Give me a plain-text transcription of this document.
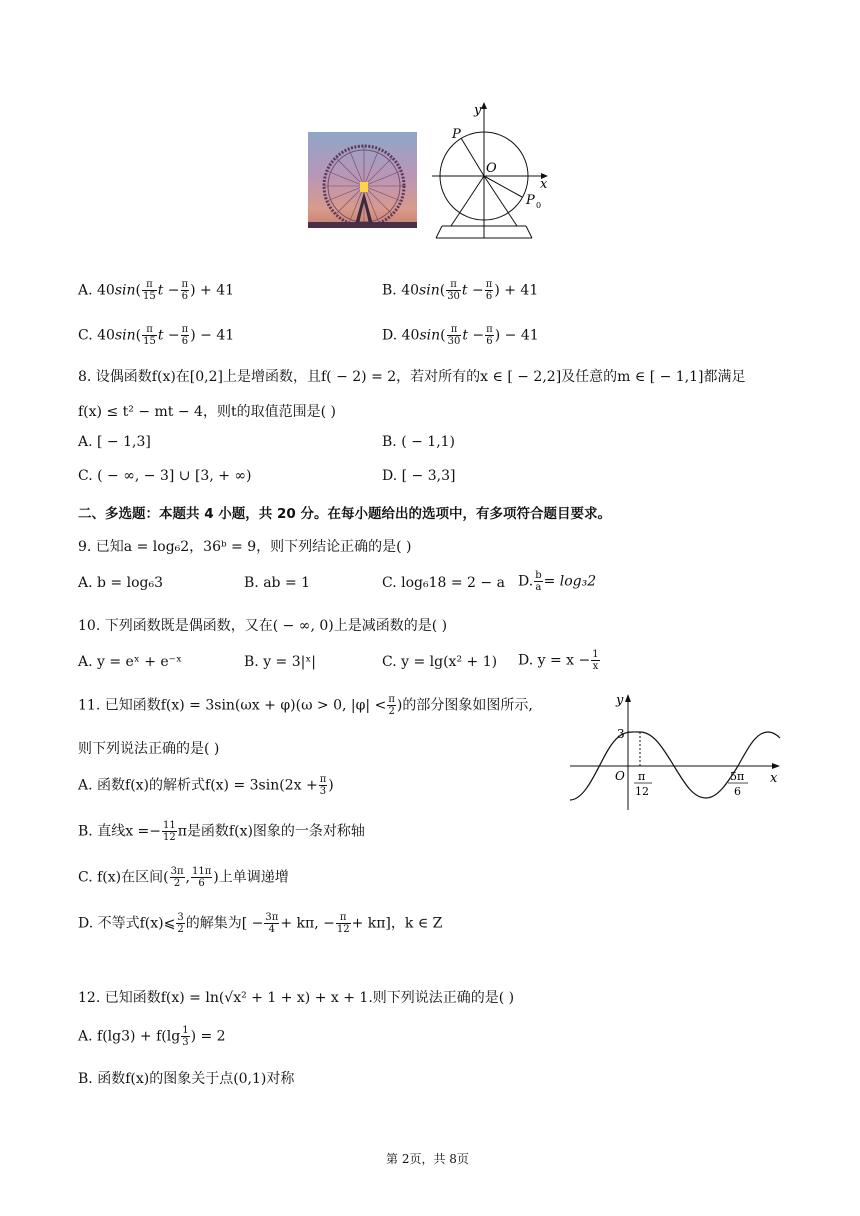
y
x
P
O
P 0
A. $40\sin( \frac{\pi}{15}$ $t - \frac{\pi}{6}$ ) + 41	B. $40\sin( \frac{\pi}{30}$ $t - \frac{\pi}{6}$ ) + 41
C. $40\sin( \frac{\pi}{15}$ $t - \frac{\pi}{6}$ ) − 41	D. $40\sin( \frac{\pi}{30}$ $t - \frac{\pi}{6}$ ) − 41
8. 设偶函数f(x)在[0,2]上是增函数，且f( − 2) = 2，若对所有的x ∈ [ − 2,2]及任意的m ∈ [ − 1,1]都满足
f(x) ≤ t² − mt − 4，则t的取值范围是( )
A. [ − 1,3]	B. ( − 1,1)
C. ( − ∞, − 3] ∪ [3, + ∞)	D. [ − 3,3]
二、多选题：本题共 4 小题，共 20 分。在每小题给出的选项中，有多项符合题目要求。
9. 已知a = log₆2，36ᵇ = 9，则下列结论正确的是( )
A. b = log₆3	B. ab = 1	C. log₆18 = 2 − a D. $\frac{b}{a} = \log_32$
10. 下列函数既是偶函数，又在( − ∞, 0)上是减函数的是( )
A. y = eˣ + e⁻ˣ	B. y = 3|ˣ|	C. y = lg(x² + 1) D. $y = x - \frac{1}{x}$
11. 已知函数f(x) = 3sin(ωx + φ)(ω > 0, $|\varphi| < \frac{\pi}{2}$ )的部分图象如图所示,
则下列说法正确的是( )
A. 函数f(x)的解析式$f(x) = 3\sin(2x + \frac{\pi}{3}$ )
B. 直线$x =- \frac{11}{12}$ π是函数f(x)图象的一条对称轴
C. f(x)在区间( $\frac{3\pi}{2}$ , $\frac{11\pi}{6}$ )上单调递增
D. 不等式f(x)⩽ $\frac{3}{2}$ 的解集为[ − $\frac{3\pi}{4} + k\pi$, − $\frac{\pi}{12} + k\pi$]，k ∈ Z
y
x
3
O π
12
5π
6
12. 已知函数f(x) = ln(√x² + 1 + x) + x + 1.则下列说法正确的是( )
A. $f(\lg 3) + f(\lg \frac{1}{3}$ ) = 2
B. 函数f(x)的图象关于点(0,1)对称
第 2页，共 8页
